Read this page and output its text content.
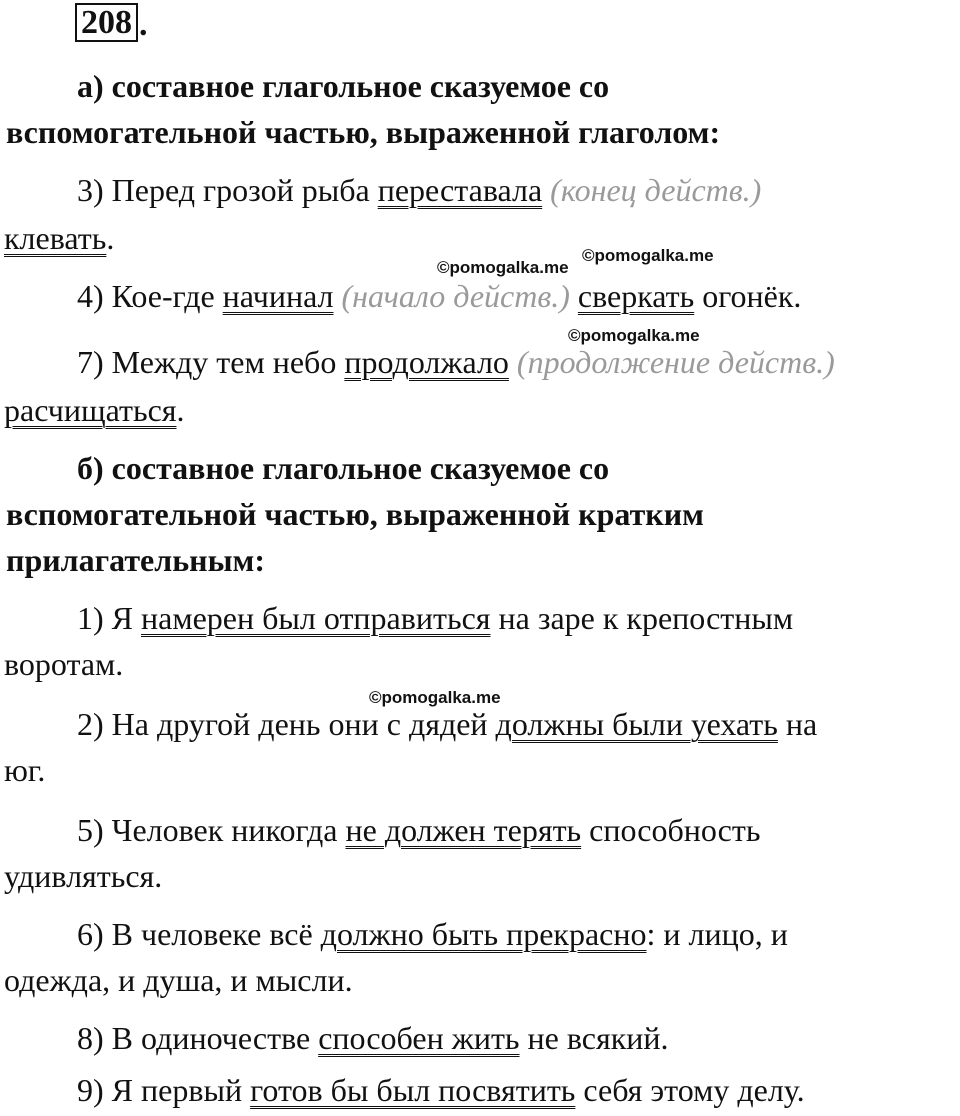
208 .
а) составное глагольное сказуемое со
вспомогательной частью, выраженной глаголом:
3) Перед грозой рыба переставала (конец действ.)
клевать.
4) Кое-где начинал (начало действ.) сверкать огонёк.
7) Между тем небо продолжало (продолжение действ.)
расчищаться.
б) составное глагольное сказуемое со
вспомогательной частью, выраженной кратким
прилагательным:
1) Я намерен был отправиться на заре к крепостным
воротам.
2) На другой день они с дядей должны были уехать на
юг.
5) Человек никогда не должен терять способность
удивляться.
6) В человеке всё должно быть прекрасно: и лицо, и
одежда, и душа, и мысли.
8) В одиночестве способен жить не всякий.
9) Я первый готов бы был посвятить себя этому делу.
©pomogalka.me
©pomogalka.me
©pomogalka.me
©pomogalka.me
